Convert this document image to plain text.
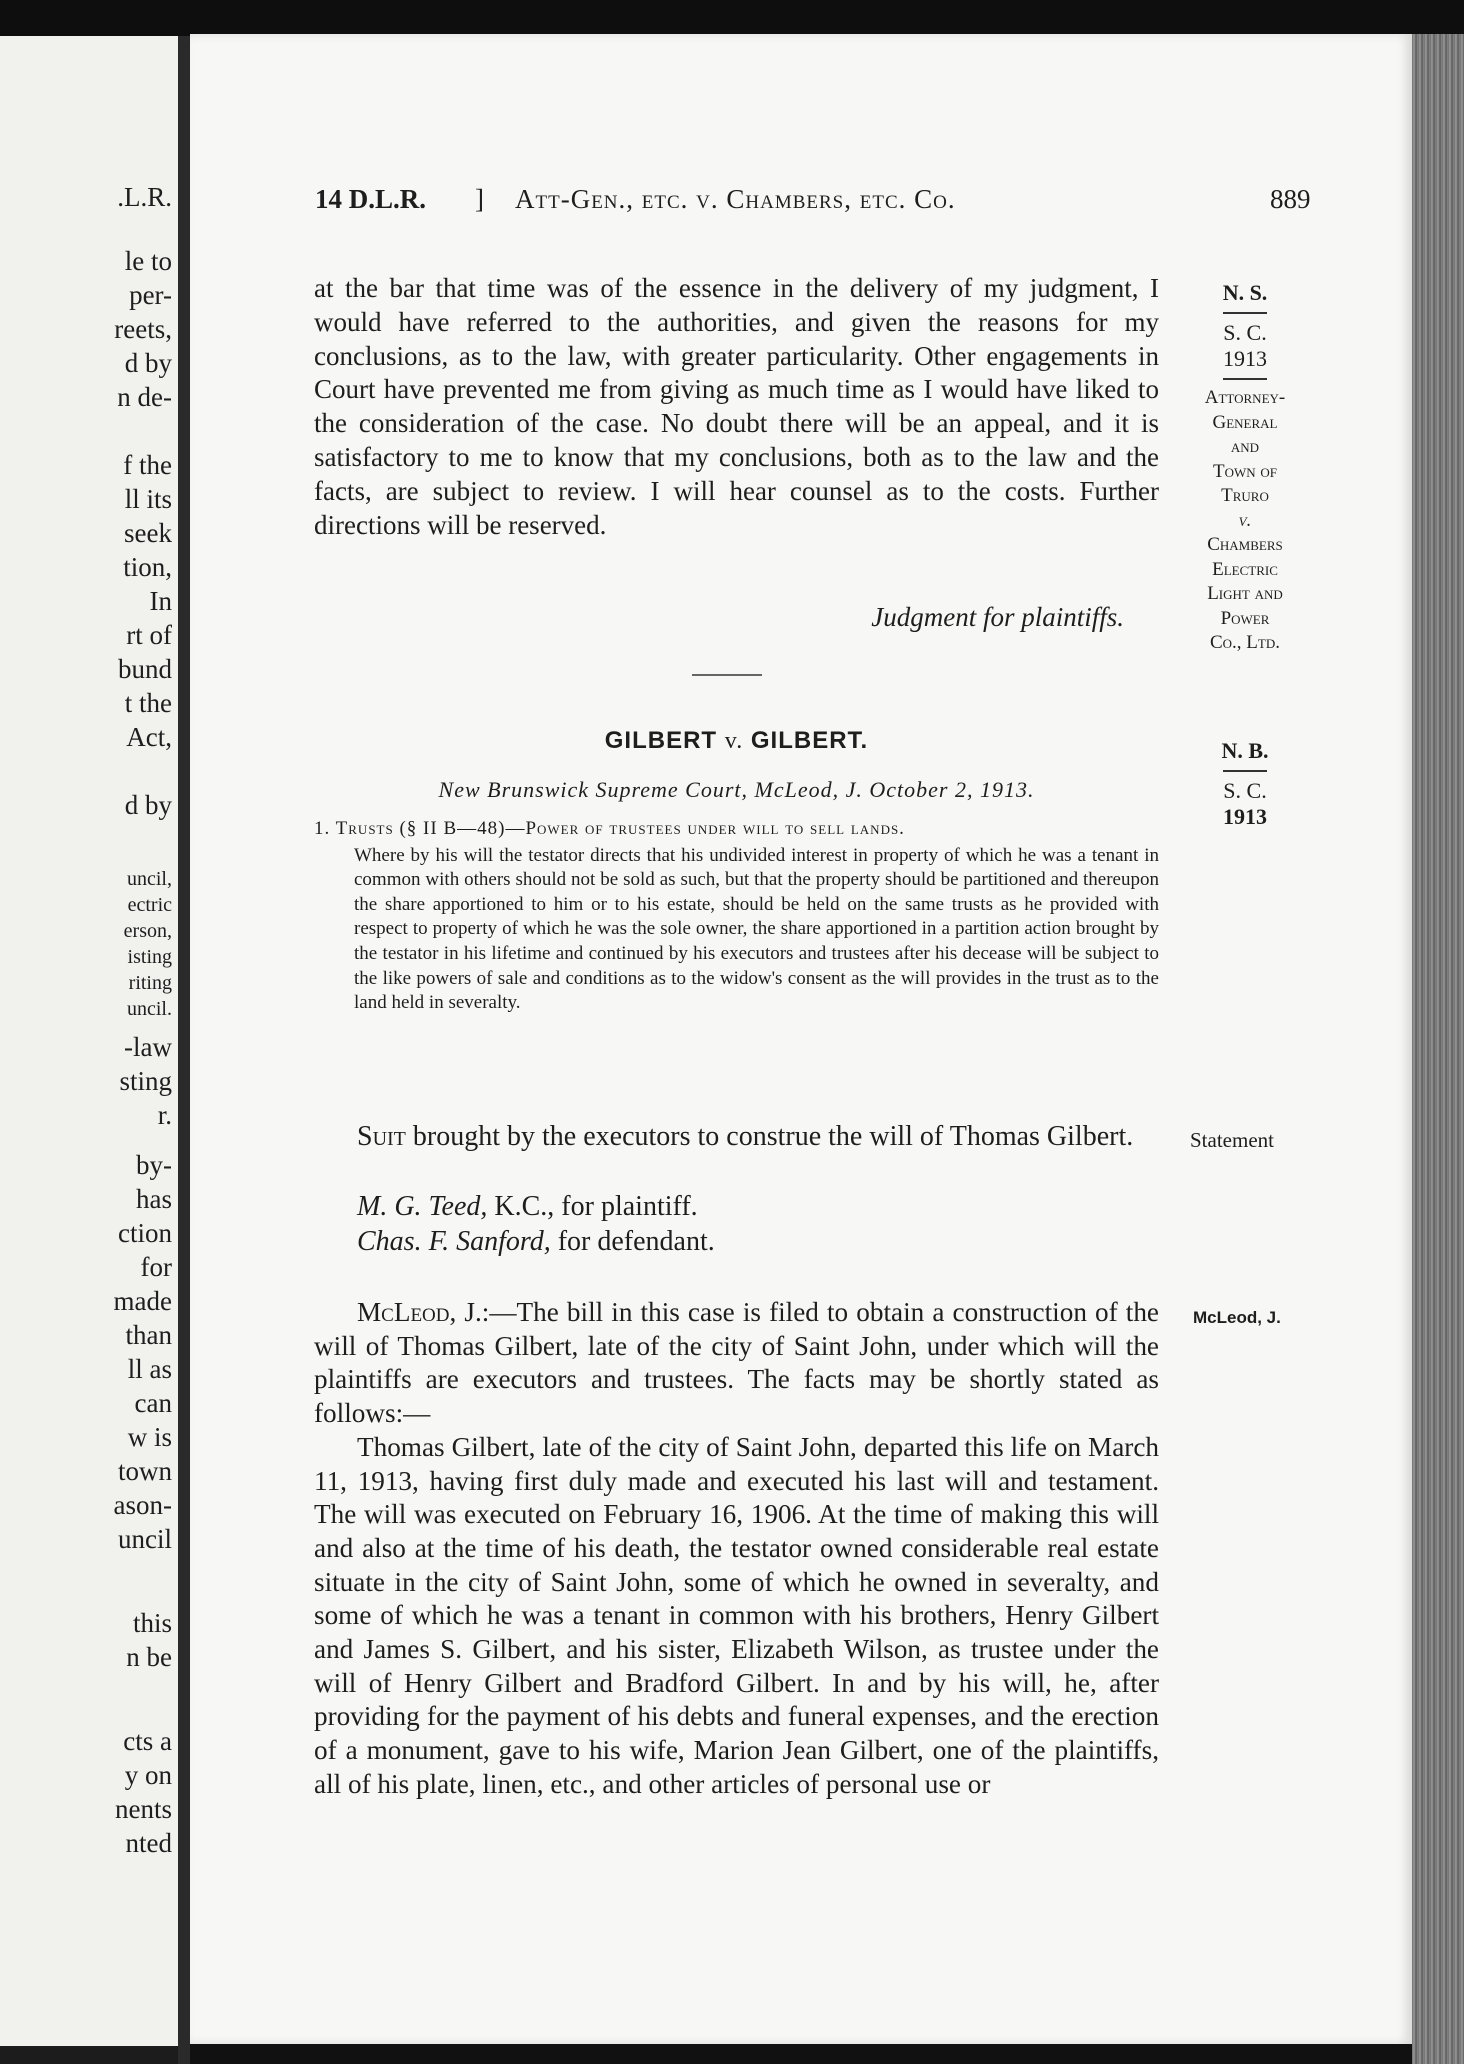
.L.R.
le to
per-
reets,
d by
n de-
f the
ll its
seek
tion,
In
rt of
bund
t the
Act,
d by
uncil,
ectric
erson,
isting
riting
uncil.
-law
sting
r.
by-
has
ction
for
made
than
ll as
can
w is
town
ason-
uncil
this
n be
cts a
y on
nents
nted
14 D.L.R. ] Att-Gen., etc. v. Chambers, etc. Co.	889
at the bar that time was of the essence in the delivery of my judgment, I would have referred to the authorities, and given the reasons for my conclusions, as to the law, with greater particularity. Other engagements in Court have prevented me from giving as much time as I would have liked to the consideration of the case. No doubt there will be an appeal, and it is satisfactory to me to know that my conclusions, both as to the law and the facts, are subject to review. I will hear counsel as to the costs. Further directions will be reserved.
Judgment for plaintiffs.
N. S.
S. C.
1913
Attorney-
General
and
Town of
Truro
v.
Chambers
Electric
Light and
Power
Co., Ltd.
GILBERT v. GILBERT.
New Brunswick Supreme Court, McLeod, J. October 2, 1913.
N. B.
S. C.
1913
1. Trusts (§ II B—48)—Power of trustees under will to sell lands.
Where by his will the testator directs that his undivided interest in property of which he was a tenant in common with others should not be sold as such, but that the property should be partitioned and thereupon the share apportioned to him or to his estate, should be held on the same trusts as he provided with respect to property of which he was the sole owner, the share apportioned in a partition action brought by the testator in his lifetime and continued by his executors and trustees after his decease will be subject to the like powers of sale and conditions as to the widow's consent as the will provides in the trust as to the land held in severalty.
Suit brought by the executors to construe the will of Thomas Gilbert.	Statement
M. G. Teed, K.C., for plaintiff.
Chas. F. Sanford, for defendant.

McLeod, J.:—The bill in this case is filed to obtain a construction of the will of Thomas Gilbert, late of the city of Saint John, under which will the plaintiffs are executors and trustees. The facts may be shortly stated as follows:—

Thomas Gilbert, late of the city of Saint John, departed this life on March 11, 1913, having first duly made and executed his last will and testament. The will was executed on February 16, 1906. At the time of making this will and also at the time of his death, the testator owned considerable real estate situate in the city of Saint John, some of which he owned in severalty, and some of which he was a tenant in common with his brothers, Henry Gilbert and James S. Gilbert, and his sister, Elizabeth Wilson, as trustee under the will of Henry Gilbert and Bradford Gilbert. In and by his will, he, after providing for the payment of his debts and funeral expenses, and the erection of a monument, gave to his wife, Marion Jean Gilbert, one of the plaintiffs, all of his plate, linen, etc., and other articles of personal use or

McLeod, J.
